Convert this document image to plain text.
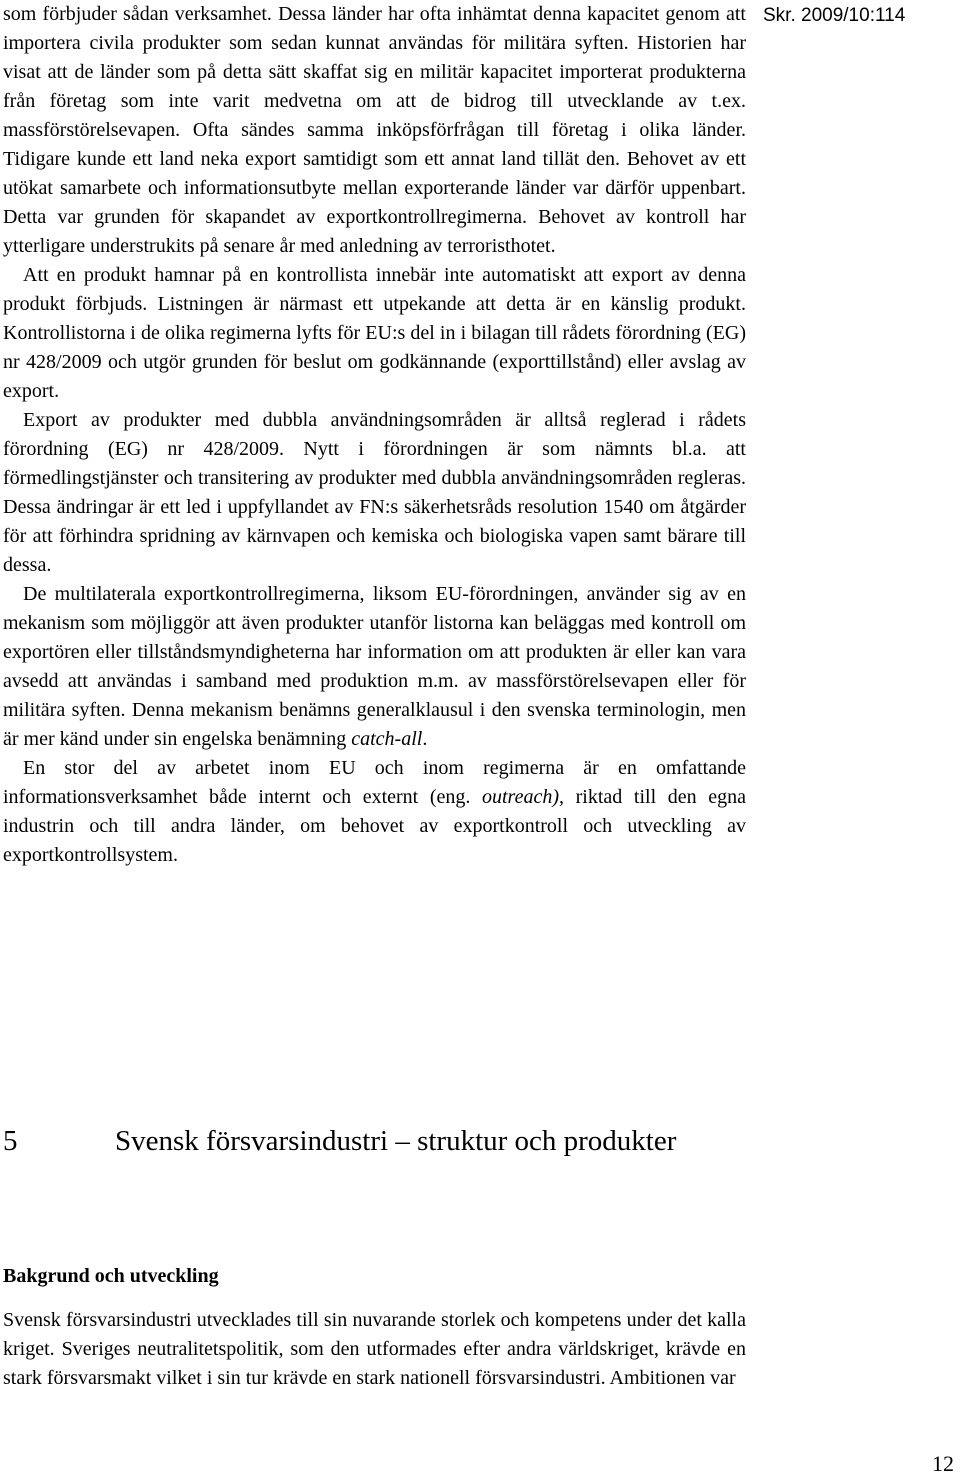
Skr. 2009/10:114

som förbjuder sådan verksamhet. Dessa länder har ofta inhämtat denna kapacitet genom att importera civila produkter som sedan kunnat användas för militära syften. Historien har visat att de länder som på detta sätt skaffat sig en militär kapacitet importerat produkterna från företag som inte varit medvetna om att de bidrog till utvecklande av t.ex. massförstörelsevapen. Ofta sändes samma inköpsförfrågan till företag i olika länder. Tidigare kunde ett land neka export samtidigt som ett annat land tillät den. Behovet av ett utökat samarbete och informationsutbyte mellan exporterande länder var därför uppenbart. Detta var grunden för skapandet av exportkontrollregimerna. Behovet av kontroll har ytterligare understrukits på senare år med anledning av terroristhotet.

Att en produkt hamnar på en kontrollista innebär inte automatiskt att export av denna produkt förbjuds. Listningen är närmast ett utpekande att detta är en känslig produkt. Kontrollistorna i de olika regimerna lyfts för EU:s del in i bilagan till rådets förordning (EG) nr 428/2009 och utgör grunden för beslut om godkännande (exporttillstånd) eller avslag av export.

Export av produkter med dubbla användningsområden är alltså reglerad i rådets förordning (EG) nr 428/2009. Nytt i förordningen är som nämnts bl.a. att förmedlingstjänster och transitering av produkter med dubbla användningsområden regleras. Dessa ändringar är ett led i uppfyllandet av FN:s säkerhetsråds resolution 1540 om åtgärder för att förhindra spridning av kärnvapen och kemiska och biologiska vapen samt bärare till dessa.

De multilaterala exportkontrollregimerna, liksom EU-förordningen, använder sig av en mekanism som möjliggör att även produkter utanför listorna kan beläggas med kontroll om exportören eller tillståndsmyndigheterna har information om att produkten är eller kan vara avsedd att användas i samband med produktion m.m. av massförstörelsevapen eller för militära syften. Denna mekanism benämns generalklausul i den svenska terminologin, men är mer känd under sin engelska benämning catch-all.

En stor del av arbetet inom EU och inom regimerna är en omfattande informationsverksamhet både internt och externt (eng. outreach), riktad till den egna industrin och till andra länder, om behovet av exportkontroll och utveckling av exportkontrollsystem.

5	Svensk försvarsindustri – struktur och produkter
Bakgrund och utveckling

Svensk försvarsindustri utvecklades till sin nuvarande storlek och kompetens under det kalla kriget. Sveriges neutralitetspolitik, som den utformades efter andra världskriget, krävde en stark försvarsmakt vilket i sin tur krävde en stark nationell försvarsindustri. Ambitionen var

12
